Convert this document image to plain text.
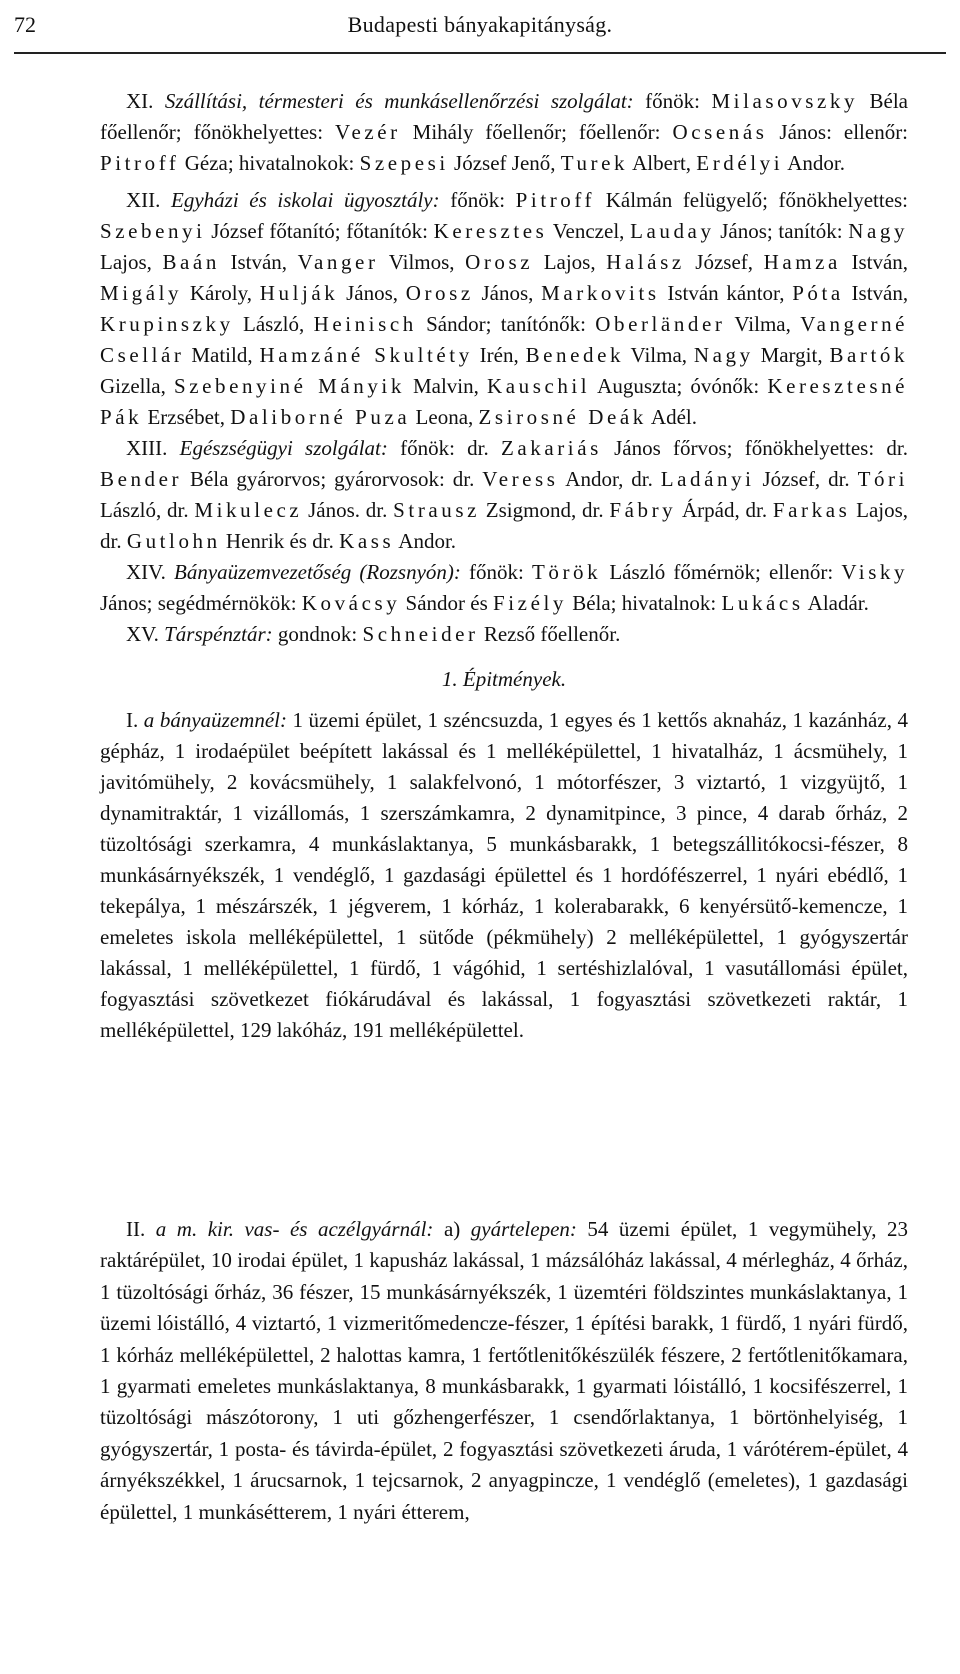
72	Budapesti bányakapitányság.

XI. Szállítási, térmesteri és munkásellenőrzési szolgálat: főnök: Milasovszky Béla főellenőr; főnökhelyettes: Vezér Mihály főellenőr; főellenőr: Ocsenás János: ellenőr: Pitroff Géza; hivatalnokok: Szepesi József Jenő, Turek Albert, Erdélyi Andor.

XII. Egyházi és iskolai ügyosztály: főnök: Pitroff Kálmán felügyelő; főnökhelyettes: Szebenyi József főtanító; főtanítók: Keresztes Venczel, Lauday János; tanítók: Nagy Lajos, Baán István, Vanger Vilmos, Orosz Lajos, Halász József, Hamza István, Migály Károly, Hulják János, Orosz János, Markovits István kántor, Póta István, Krupinszky László, Heinisch Sándor; tanítónők: Oberländer Vilma, Vangerné Csellár Matild, Hamzáné Skultéty Irén, Benedek Vilma, Nagy Margit, Bartók Gizella, Szebenyiné Mányik Malvin, Kauschil Auguszta; óvónők: Keresztesné Pák Erzsébet, Daliborné Puza Leona, Zsirosné Deák Adél.

XIII. Egészségügyi szolgálat: főnök: dr. Zakariás János főrvos; főnökhelyettes: dr. Bender Béla gyárorvos; gyárorvosok: dr. Veress Andor, dr. Ladányi József, dr. Tóri László, dr. Mikulecz János. dr. Strausz Zsigmond, dr. Fábry Árpád, dr. Farkas Lajos, dr. Gutlohn Henrik és dr. Kass Andor.

XIV. Bányaüzemvezetőség (Rozsnyón): főnök: Török László főmérnök; ellenőr: Visky János; segédmérnökök: Kovácsy Sándor és Fizély Béla; hivatalnok: Lukács Aladár.

XV. Társpénztár: gondnok: Schneider Rezső főellenőr.

1. Épitmények.

I. a bányaüzemnél: 1 üzemi épület, 1 széncsuzda, 1 egyes és 1 kettős aknaház, 1 kazánház, 4 gépház, 1 irodaépület beépített lakással és 1 melléképülettel, 1 hivatalház, 1 ácsmühely, 1 javitómühely, 2 kovácsmühely, 1 salakfelvonó, 1 mótorfészer, 3 viztartó, 1 vizgyüjtő, 1 dynamitraktár, 1 vizállomás, 1 szerszámkamra, 2 dynamitpince, 3 pince, 4 darab őrház, 2 tüzoltósági szerkamra, 4 munkáslaktanya, 5 munkásbarakk, 1 betegszállitókocsi-fészer, 8 munkásárnyékszék, 1 vendéglő, 1 gazdasági épülettel és 1 hordófészerrel, 1 nyári ebédlő, 1 tekepálya, 1 mészárszék, 1 jégverem, 1 kórház, 1 kolerabarakk, 6 kenyérsütő-kemencze, 1 emeletes iskola melléképülettel, 1 sütőde (pékmühely) 2 melléképülettel, 1 gyógyszertár lakással, 1 melléképülettel, 1 fürdő, 1 vágóhid, 1 sertéshizlalóval, 1 vasutállomási épület, fogyasztási szövetkezet fiókárudával és lakással, 1 fogyasztási szövetkezeti raktár, 1 melléképülettel, 129 lakóház, 191 melléképülettel.

II. a m. kir. vas- és aczélgyárnál: a) gyártelepen: 54 üzemi épület, 1 vegymühely, 23 raktárépület, 10 irodai épület, 1 kapusház lakással, 1 mázsálóház lakással, 4 mérlegház, 4 őrház, 1 tüzoltósági őrház, 36 fészer, 15 munkásárnyékszék, 1 üzemtéri földszintes munkáslaktanya, 1 üzemi lóistálló, 4 viztartó, 1 vizmeritőmedencze-fészer, 1 építési barakk, 1 fürdő, 1 nyári fürdő, 1 kórház melléképülettel, 2 halottas kamra, 1 fertőtlenitőkészülék fészere, 2 fertőtlenitőkamara, 1 gyarmati emeletes munkáslaktanya, 8 munkásbarakk, 1 gyarmati lóistálló, 1 kocsifészerrel, 1 tüzoltósági mászótorony, 1 uti gőzhengerfészer, 1 csendőrlaktanya, 1 börtönhelyiség, 1 gyógyszertár, 1 posta- és távirda-épület, 2 fogyasztási szövetkezeti áruda, 1 várótérem-épület, 4 árnyékszékkel, 1 árucsarnok, 1 tejcsarnok, 2 anyagpincze, 1 vendéglő (emeletes), 1 gazdasági épülettel, 1 munkásétterem, 1 nyári étterem,
